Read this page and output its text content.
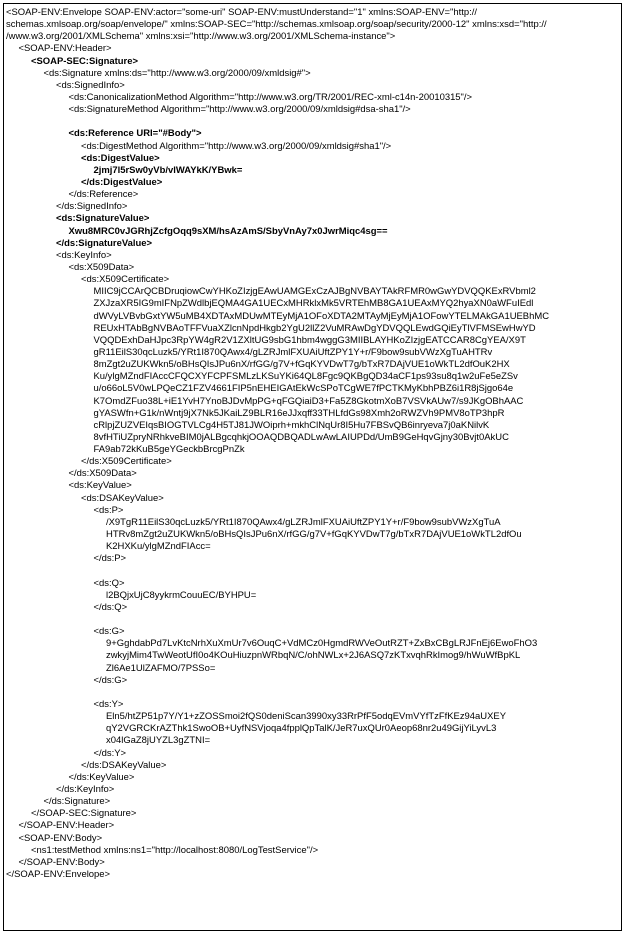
<SOAP-ENV:Envelope SOAP-ENV:actor="some-uri" SOAP-ENV:mustUnderstand="1" xmlns:SOAP-ENV="http://
schemas.xmlsoap.org/soap/envelope/" xmlns:SOAP-SEC="http://schemas.xmlsoap.org/soap/security/2000-12" xmlns:xsd="http://
/www.w3.org/2001/XMLSchema" xmlns:xsi="http://www.w3.org/2001/XMLSchema-instance">
<SOAP-ENV:Header>
<SOAP-SEC:Signature>
<ds:Signature xmlns:ds="http://www.w3.org/2000/09/xmldsig#">
<ds:SignedInfo>
<ds:CanonicalizationMethod Algorithm="http://www.w3.org/TR/2001/REC-xml-c14n-20010315"/>
<ds:SignatureMethod Algorithm="http://www.w3.org/2000/09/xmldsig#dsa-sha1"/>
<ds:Reference URI="#Body">
<ds:DigestMethod Algorithm="http://www.w3.org/2000/09/xmldsig#sha1"/>
<ds:DigestValue>
2jmj7l5rSw0yVb/vlWAYkK/YBwk=
</ds:DigestValue>
</ds:Reference>
</ds:SignedInfo>
<ds:SignatureValue>
Xwu8MRC0vJGRhjZcfgOqq9sXM/hsAzAmS/SbyVnAy7x0JwrMiqc4sg==
</ds:SignatureValue>
<ds:KeyInfo>
<ds:X509Data>
<ds:X509Certificate>
MIIC9jCCArQCBDruqiowCwYHKoZIzjgEAwUAMGExCzAJBgNVBAYTAkRFMR0wGwYDVQQKExRVbml2
ZXJzaXR5IG9mIFNpZWdlbjEQMA4GA1UECxMHRklxMk5VRTEhMB8GA1UEAxMYQ2hyaXN0aWFuIEdl
dWVyLVBvbGxtYW5uMB4XDTAxMDUwMTEyMjA1OFoXDTA2MTAyMjEyMjA1OFowYTELMAkGA1UEBhMC
REUxHTAbBgNVBAoTFFVuaXZlcnNpdHkgb2YgU2llZ2VuMRAwDgYDVQQLEwdGQiEyTlVFMSEwHwYD
VQQDExhDaHJpc3RpYW4gR2V1ZXltUG9sbG1hbm4wggG3MIIBLAYHKoZIzjgEATCCAR8CgYEA/X9T
gR11EilS30qcLuzk5/YRt1I870QAwx4/gLZRJmlFXUAiUftZPY1Y+r/F9bow9subVWzXgTuAHTRv
8mZgt2uZUKWkn5/oBHsQIsJPu6nX/rfGG/g7V+fGqKYVDwT7g/bTxR7DAjVUE1oWkTL2dfOuK2HX
Ku/ylgMZndFIAccCFQCXYFCPFSMLzLKSuYKi64QL8Fgc9QKBgQD34aCF1ps93su8q1w2uFe5eZSv
u/o66oL5V0wLPQeCZ1FZV4661FIP5nEHEIGAtEkWcSPoTCgWE7fPCTKMyKbhPBZ6i1R8jSjgo64e
K7OmdZFuo38L+iE1YvH7YnoBJDvMpPG+qFGQiaiD3+Fa5Z8GkotmXoB7VSVkAUw7/s9JKgOBhAAC
gYASWfn+G1k/nWntj9jX7Nk5JKaiLZ9BLR16eJJxqff33THLfdGs98Xmh2oRWZVh9PMV8oTP3hpR
cRlpjZUZVEIqsBIOGTVLCg4H5TJ81JWOiprh+mkhClNqUr8I5Hu7FBSvQB6inryeva7j0aKNilvK
8vfHTiUZpryNRhkveBIM0jALBgcqhkjOOAQDBQADLwAwLAIUPDd/UmB9GeHqvGjny30Bvjt0AkUC
FA9ab72kKuB5geYGeckbBrcgPnZk
</ds:X509Certificate>
</ds:X509Data>
<ds:KeyValue>
<ds:DSAKeyValue>
<ds:P>
/X9TgR11EilS30qcLuzk5/YRt1I870QAwx4/gLZRJmlFXUAiUftZPY1Y+r/F9bow9subVWzXgTuA
HTRv8mZgt2uZUKWkn5/oBHsQIsJPu6nX/rfGG/g7V+fGqKYVDwT7g/bTxR7DAjVUE1oWkTL2dfOu
K2HXKu/ylgMZndFIAcc=
</ds:P>
<ds:Q>
l2BQjxUjC8yykrmCouuEC/BYHPU=
</ds:Q>
<ds:G>
9+GghdabPd7LvKtcNrhXuXmUr7v6OuqC+VdMCz0HgmdRWVeOutRZT+ZxBxCBgLRJFnEj6EwoFhO3
zwkyjMim4TwWeotUfI0o4KOuHiuzpnWRbqN/C/ohNWLx+2J6ASQ7zKTxvqhRkImog9/hWuWfBpKL
Zl6Ae1UlZAFMO/7PSSo=
</ds:G>
<ds:Y>
Eln5/htZP51p7Y/Y1+zZOSSmoi2fQS0deniScan3990xy33RrPfF5odqEVmVYfTzFfKEz94aUXEY
qY2VGRCKrAZThk1SwoOB+UyfNSVjoqa4fpplQpTalK/JeR7uxQUr0Aeop68nr2u49GijYiLyvL3
x04lGaZ8jUYZL3gZTNI=
</ds:Y>
</ds:DSAKeyValue>
</ds:KeyValue>
</ds:KeyInfo>
</ds:Signature>
</SOAP-SEC:Signature>
</SOAP-ENV:Header>
<SOAP-ENV:Body>
<ns1:testMethod xmlns:ns1="http://localhost:8080/LogTestService"/>
</SOAP-ENV:Body>
</SOAP-ENV:Envelope>
